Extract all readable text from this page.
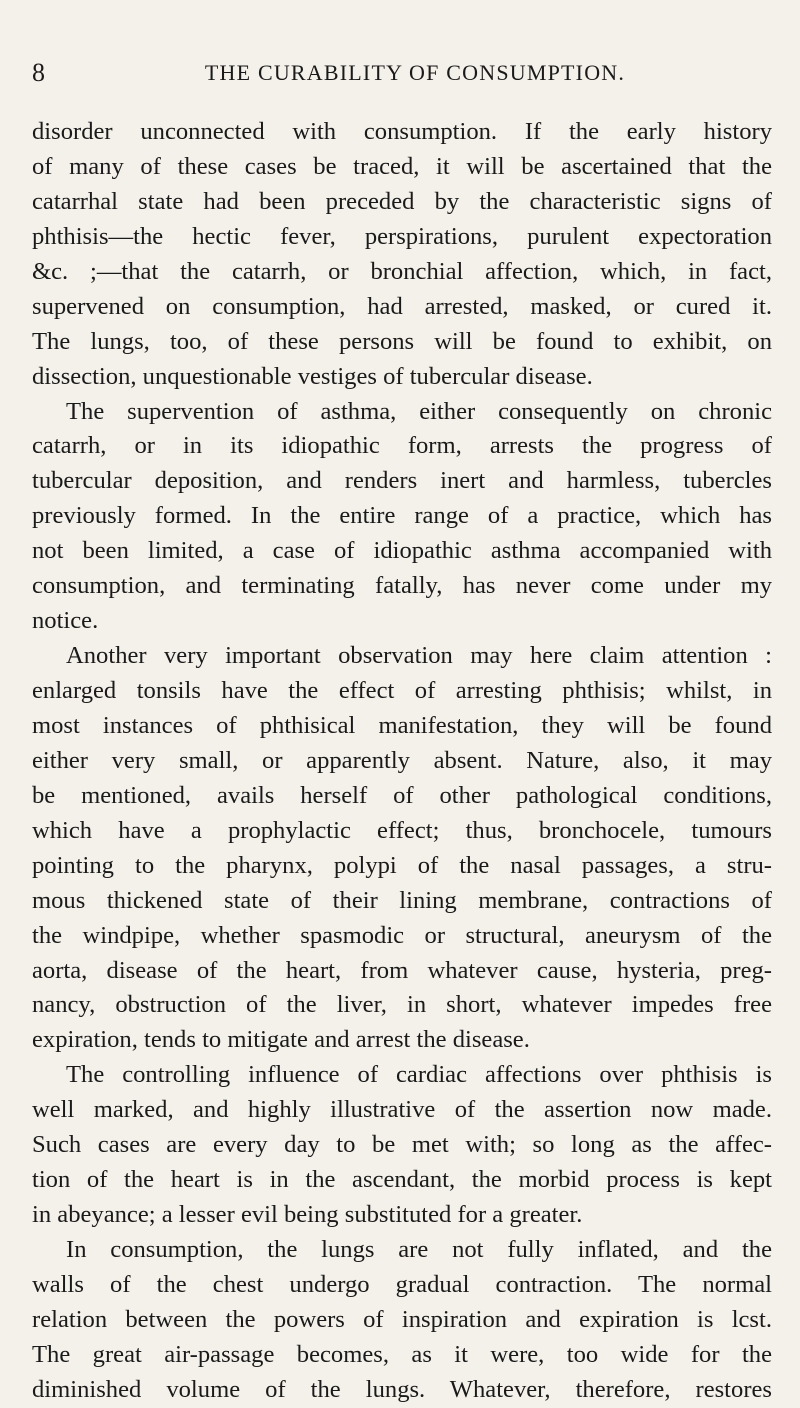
8	THE CURABILITY OF CONSUMPTION.
disorder unconnected with consumption. If the early history
of many of these cases be traced, it will be ascertained that the
catarrhal state had been preceded by the characteristic signs of
phthisis—the hectic fever, perspirations, purulent expectoration
&c. ;—that the catarrh, or bronchial affection, which, in fact,
supervened on consumption, had arrested, masked, or cured it.
The lungs, too, of these persons will be found to exhibit, on
dissection, unquestionable vestiges of tubercular disease.
The supervention of asthma, either consequently on chronic
catarrh, or in its idiopathic form, arrests the progress of
tubercular deposition, and renders inert and harmless, tubercles
previously formed. In the entire range of a practice, which has
not been limited, a case of idiopathic asthma accompanied with
consumption, and terminating fatally, has never come under my
notice.
Another very important observation may here claim attention :
enlarged tonsils have the effect of arresting phthisis; whilst, in
most instances of phthisical manifestation, they will be found
either very small, or apparently absent. Nature, also, it may
be mentioned, avails herself of other pathological conditions,
which have a prophylactic effect; thus, bronchocele, tumours
pointing to the pharynx, polypi of the nasal passages, a stru-
mous thickened state of their lining membrane, contractions of
the windpipe, whether spasmodic or structural, aneurysm of the
aorta, disease of the heart, from whatever cause, hysteria, preg-
nancy, obstruction of the liver, in short, whatever impedes free
expiration, tends to mitigate and arrest the disease.
The controlling influence of cardiac affections over phthisis is
well marked, and highly illustrative of the assertion now made.
Such cases are every day to be met with; so long as the affec-
tion of the heart is in the ascendant, the morbid process is kept
in abeyance; a lesser evil being substituted for a greater.
In consumption, the lungs are not fully inflated, and the
walls of the chest undergo gradual contraction. The normal
relation between the powers of inspiration and expiration is lcst.
The great air-passage becomes, as it were, too wide for the
diminished volume of the lungs. Whatever, therefore, restores
